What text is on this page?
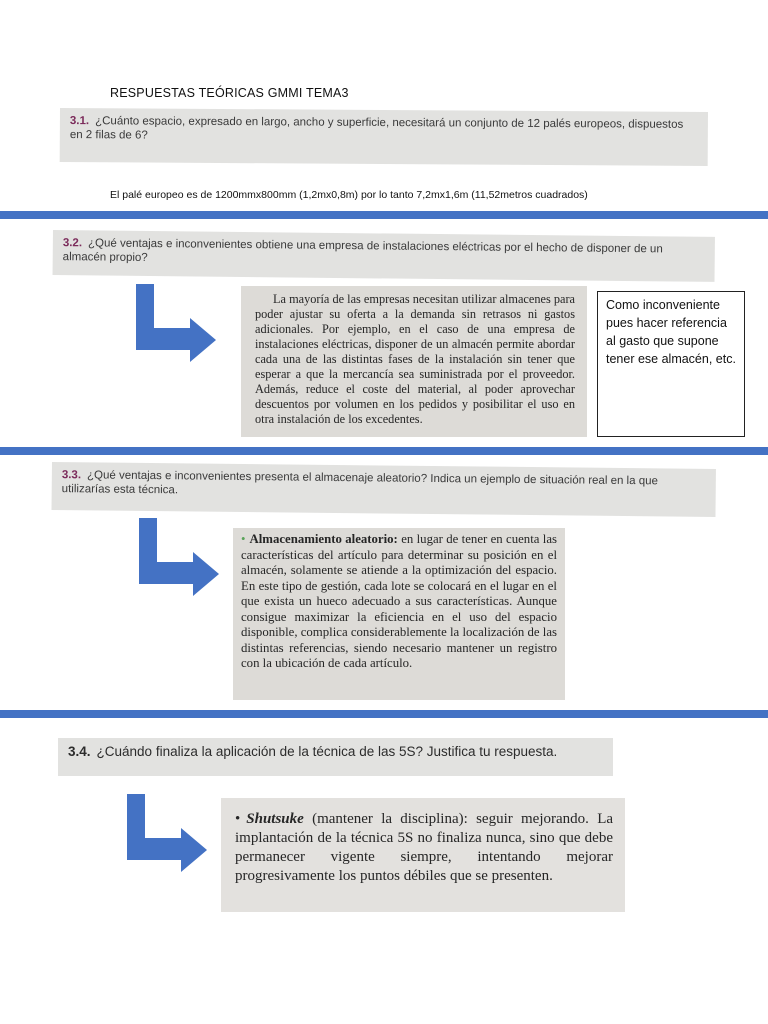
RESPUESTAS TEÓRICAS GMMI TEMA3
3.1. ¿Cuánto espacio, expresado en largo, ancho y superficie, necesitará un conjunto de 12 palés europeos, dispuestos en 2 filas de 6?
El palé europeo es de 1200mmx800mm (1,2mx0,8m) por lo tanto 7,2mx1,6m (11,52metros cuadrados)
3.2. ¿Qué ventajas e inconvenientes obtiene una empresa de instalaciones eléctricas por el hecho de disponer de un almacén propio?
La mayoría de las empresas necesitan utilizar almacenes para poder ajustar su oferta a la demanda sin retrasos ni gastos adicionales. Por ejemplo, en el caso de una empresa de instalaciones eléctricas, disponer de un almacén permite abordar cada una de las distintas fases de la instalación sin tener que esperar a que la mercancía sea suministrada por el proveedor. Además, reduce el coste del material, al poder aprovechar descuentos por volumen en los pedidos y posibilitar el uso en otra instalación de los excedentes.
Como inconveniente pues hacer referencia al gasto que supone tener ese almacén, etc.
3.3. ¿Qué ventajas e inconvenientes presenta el almacenaje aleatorio? Indica un ejemplo de situación real en la que utilizarías esta técnica.
• Almacenamiento aleatorio: en lugar de tener en cuenta las características del artículo para determinar su posición en el almacén, solamente se atiende a la optimización del espacio. En este tipo de gestión, cada lote se colocará en el lugar en el que exista un hueco adecuado a sus características. Aunque consigue maximizar la eficiencia en el uso del espacio disponible, complica considerablemente la localización de las distintas referencias, siendo necesario mantener un registro con la ubicación de cada artículo.
3.4. ¿Cuándo finaliza la aplicación de la técnica de las 5S? Justifica tu respuesta.
• Shutsuke (mantener la disciplina): seguir mejorando. La implantación de la técnica 5S no finaliza nunca, sino que debe permanecer vigente siempre, intentando mejorar progresivamente los puntos débiles que se presenten.
